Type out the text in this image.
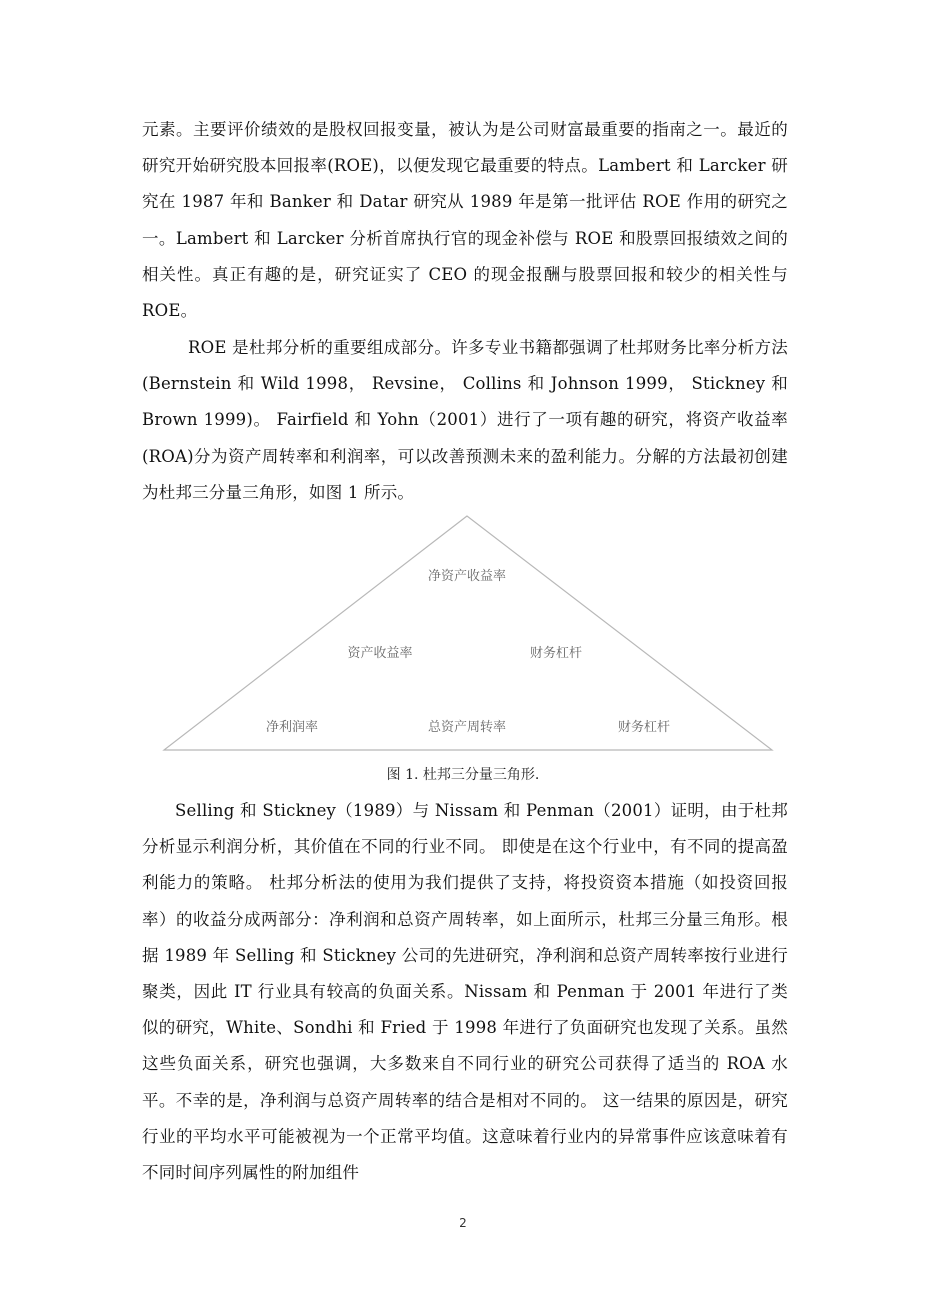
元素。主要评价绩效的是股权回报变量，被认为是公司财富最重要的指南之一。最近的研究开始研究股本回报率(ROE)，以便发现它最重要的特点。Lambert 和 Larcker 研究在 1987 年和 Banker 和 Datar 研究从 1989 年是第一批评估 ROE 作用的研究之一。Lambert 和 Larcker 分析首席执行官的现金补偿与 ROE 和股票回报绩效之间的相关性。真正有趣的是，研究证实了 CEO 的现金报酬与股票回报和较少的相关性与 ROE。

ROE 是杜邦分析的重要组成部分。许多专业书籍都强调了杜邦财务比率分析方法(Bernstein 和 Wild 1998， Revsine， Collins 和 Johnson 1999， Stickney 和 Brown 1999)。 Fairfield 和 Yohn（2001）进行了一项有趣的研究，将资产收益率(ROA)分为资产周转率和利润率，可以改善预测未来的盈利能力。分解的方法最初创建为杜邦三分量三角形，如图 1 所示。

净资产收益率
资产收益率	财务杠杆
净利润率	总资产周转率	财务杠杆

图 1. 杜邦三分量三角形.

Selling 和 Stickney（1989）与 Nissam 和 Penman（2001）证明，由于杜邦分析显示利润分析，其价值在不同的行业不同。 即使是在这个行业中，有不同的提高盈利能力的策略。 杜邦分析法的使用为我们提供了支持，将投资资本措施（如投资回报率）的收益分成两部分：净利润和总资产周转率，如上面所示，杜邦三分量三角形。根据 1989 年 Selling 和 Stickney 公司的先进研究，净利润和总资产周转率按行业进行聚类，因此 IT 行业具有较高的负面关系。Nissam 和 Penman 于 2001 年进行了类似的研究，White、Sondhi 和 Fried 于 1998 年进行了负面研究也发现了关系。虽然这些负面关系，研究也强调，大多数来自不同行业的研究公司获得了适当的 ROA 水平。不幸的是，净利润与总资产周转率的结合是相对不同的。 这一结果的原因是，研究行业的平均水平可能被视为一个正常平均值。这意味着行业内的异常事件应该意味着有不同时间序列属性的附加组件

2
